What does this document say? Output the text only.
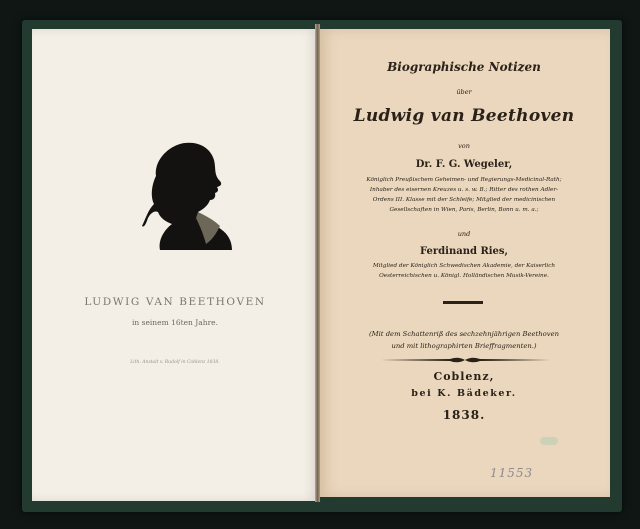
LUDWIG VAN BEETHOVEN
in seinem 16ten Jahre.
Lith. Anstalt v. Rudolf in Coblenz 1838.
Biographische Notizen
über
Ludwig van Beethoven
von
Dr. F. G. Wegeler,
Königlich Preußischem Geheimen- und Regierungs-Medicinal-Rath;
Inhaber des eisernen Kreuzes u. s. w. B.; Ritter des rothen Adler-
Ordens III. Klasse mit der Schleife; Mitglied der medicinischen
Gesellschaften in Wien, Paris, Berlin, Bonn u. m. a.;
und
Ferdinand Ries,
Mitglied der Königlich Schwedischen Akademie, der Kaiserlich
Oesterreichischen u. Königl. Holländischen Musik-Vereine.
(Mit dem Schattenriß des sechzehnjährigen Beethoven
und mit lithographirten Brieffragmenten.)
Coblenz,
bei K. Bädeker.
1838.
11553
